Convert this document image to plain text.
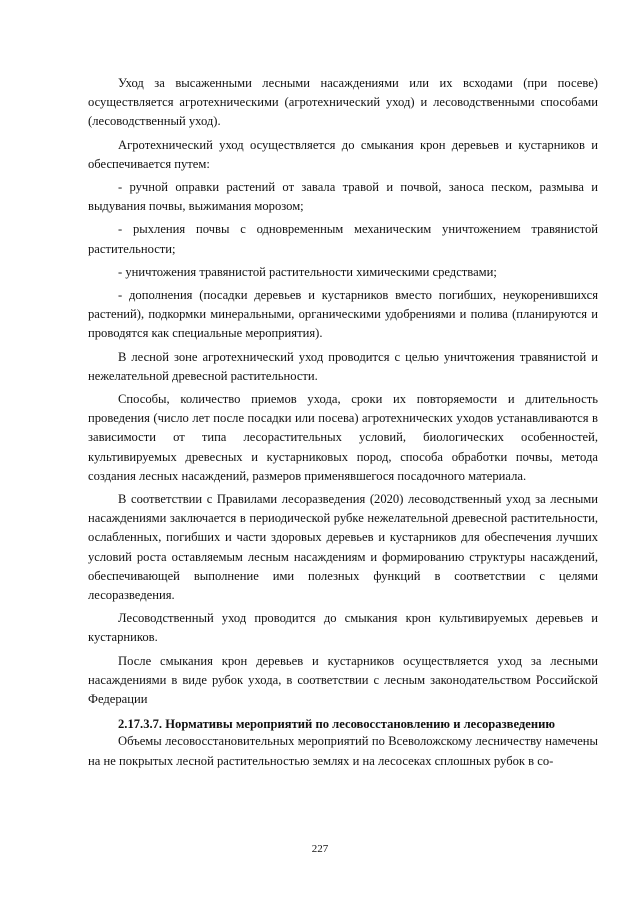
Уход за высаженными лесными насаждениями или их всходами (при посеве) осуществляется агротехническими (агротехнический уход) и лесоводственными способами (лесоводственный уход).

Агротехнический уход осуществляется до смыкания крон деревьев и кустарников и обеспечивается путем:

- ручной оправки растений от завала травой и почвой, заноса песком, размыва и выдувания почвы, выжимания морозом;

- рыхления почвы с одновременным механическим уничтожением травянистой растительности;

- уничтожения травянистой растительности химическими средствами;

- дополнения (посадки деревьев и кустарников вместо погибших, неукоренившихся растений), подкормки минеральными, органическими удобрениями и полива (планируются и проводятся как специальные мероприятия).

В лесной зоне агротехнический уход проводится с целью уничтожения травянистой и нежелательной древесной растительности.

Способы, количество приемов ухода, сроки их повторяемости и длительность проведения (число лет после посадки или посева) агротехнических уходов устанавливаются в зависимости от типа лесорастительных условий, биологических особенностей, культивируемых древесных и кустарниковых пород, способа обработки почвы, метода создания лесных насаждений, размеров применявшегося посадочного материала.

В соответствии с Правилами лесоразведения (2020) лесоводственный уход за лесными насаждениями заключается в периодической рубке нежелательной древесной растительности, ослабленных, погибших и части здоровых деревьев и кустарников для обеспечения лучших условий роста оставляемым лесным насаждениям и формированию структуры насаждений, обеспечивающей выполнение ими полезных функций в соответствии с целями лесоразведения.

Лесоводственный уход проводится до смыкания крон культивируемых деревьев и кустарников.

После смыкания крон деревьев и кустарников осуществляется уход за лесными насаждениями в виде рубок ухода, в соответствии с лесным законодательством Российской Федерации

2.17.3.7. Нормативы мероприятий по лесовосстановлению и лесоразведению

Объемы лесовосстановительных мероприятий по Всеволожскому лесничеству намечены на не покрытых лесной растительностью землях и на лесосеках сплошных рубок в со-

227
